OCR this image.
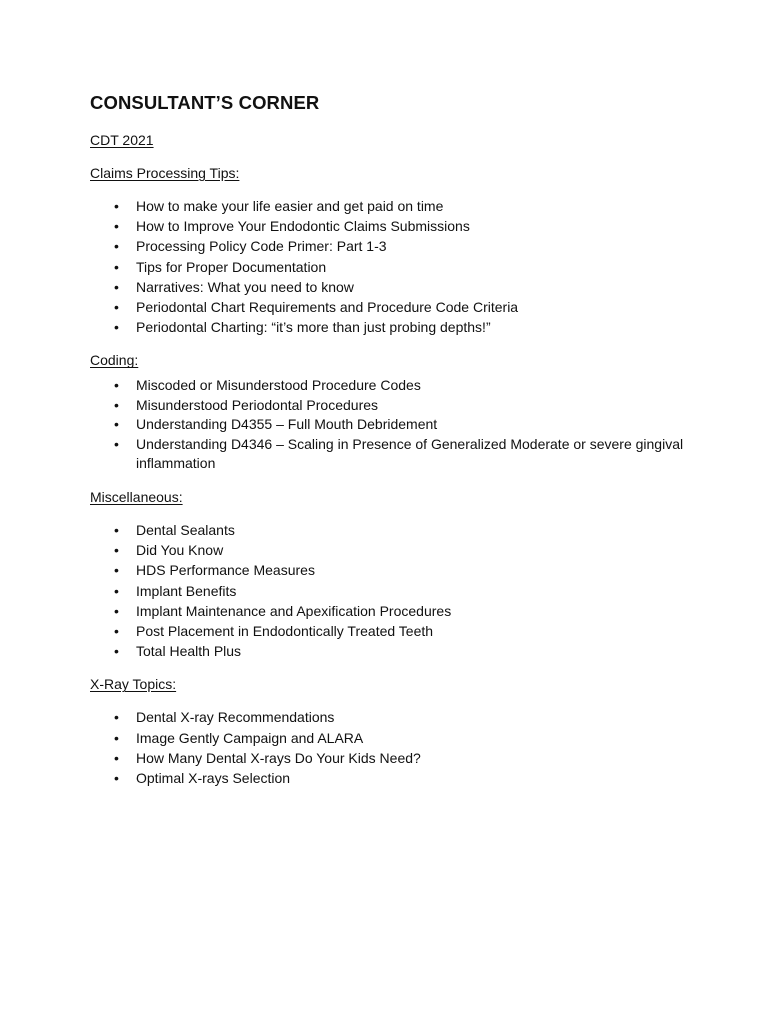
CONSULTANT’S CORNER

CDT 2021

Claims Processing Tips:

• How to make your life easier and get paid on time
• How to Improve Your Endodontic Claims Submissions
• Processing Policy Code Primer: Part 1-3
• Tips for Proper Documentation
• Narratives: What you need to know
• Periodontal Chart Requirements and Procedure Code Criteria
• Periodontal Charting: “it’s more than just probing depths!”

Coding:

• Miscoded or Misunderstood Procedure Codes
• Misunderstood Periodontal Procedures
• Understanding D4355 – Full Mouth Debridement
• Understanding D4346 – Scaling in Presence of Generalized Moderate or severe gingival inflammation

Miscellaneous:

• Dental Sealants
• Did You Know
• HDS Performance Measures
• Implant Benefits
• Implant Maintenance and Apexification Procedures
• Post Placement in Endodontically Treated Teeth
• Total Health Plus

X-Ray Topics:

• Dental X-ray Recommendations
• Image Gently Campaign and ALARA
• How Many Dental X-rays Do Your Kids Need?
• Optimal X-rays Selection
